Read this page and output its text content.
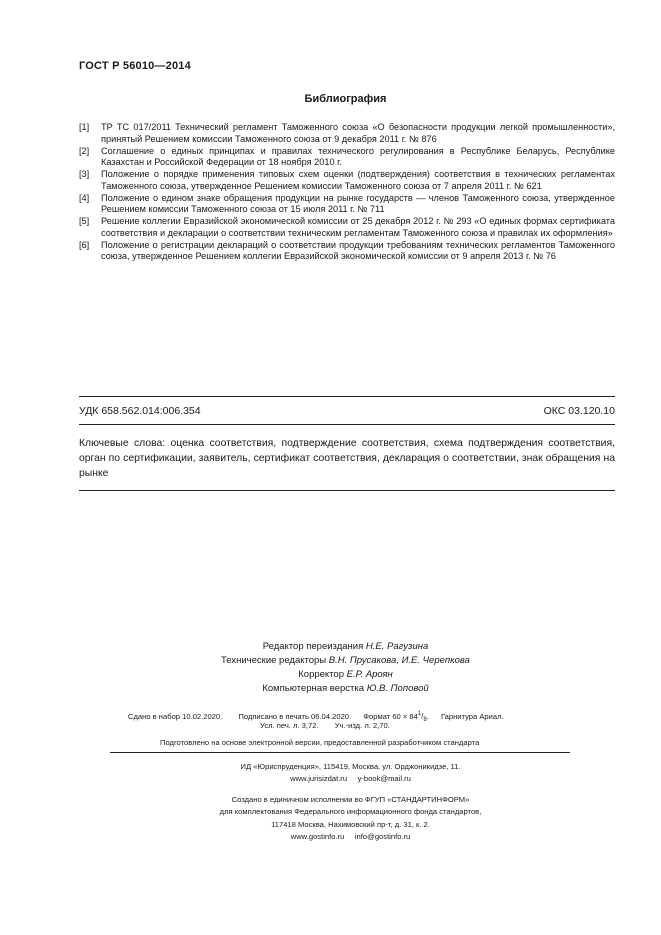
ГОСТ Р 56010—2014
Библиография
[1]	ТР ТС 017/2011 Технический регламент Таможенного союза «О безопасности продукции легкой промышленности», принятый Решением комиссии Таможенного союза от 9 декабря 2011 г. № 876
[2]	Соглашение о единых принципах и правилах технического регулирования в Республике Беларусь, Республике Казахстан и Российской Федерации от 18 ноября 2010 г.
[3]	Положение о порядке применения типовых схем оценки (подтверждения) соответствия в технических регламентах Таможенного союза, утвержденное Решением комиссии Таможенного союза от 7 апреля 2011 г. № 621
[4]	Положение о едином знаке обращения продукции на рынке государств — членов Таможенного союза, утвержденное Решением комиссии Таможенного союза от 15 июля 2011 г. № 711
[5]	Решение коллегии Евразийской экономической комиссии от 25 декабря 2012 г. № 293 «О единых формах сертификата соответствия и декларации о соответствии техническим регламентам Таможенного союза и правилах их оформления»
[6]	Положение о регистрации деклараций о соответствии продукции требованиям технических регламентов Таможенного союза, утвержденное Решением коллегии Евразийской экономической комиссии от 9 апреля 2013 г. № 76
УДК 658.562.014:006.354	ОКС 03.120.10
Ключевые слова: оценка соответствия, подтверждение соответствия, схема подтверждения соответствия, орган по сертификации, заявитель, сертификат соответствия, декларация о соответствии, знак обращения на рынке
Редактор переиздания Н.Е. Рагузина
Технические редакторы В.Н. Прусакова, И.Е. Черепкова
Корректор Е.Р. Ароян
Компьютерная верстка Ю.В. Поповой
Сдано в набор 10.02.2020. Подписано в печать 06.04.2020. Формат $60 \times 84^1/_8$. Гарнитура Ариал.
Усл. печ. л. 3,72. Уч.-изд. л. 2,70.
Подготовлено на основе электронной версии, предоставленной разработчиком стандарта
ИД «Юриспруденция», 115419, Москва, ул. Орджоникидзе, 11.
www.jurisizdat.ru     y-book@mail.ru
Создано в единичном исполнении во ФГУП «СТАНДАРТИНФОРМ»
для комплектования Федерального информационного фонда стандартов,
117418 Москва, Нахимовский пр-т, д. 31, к. 2.
www.gostinfo.ru     info@gostinfo.ru
